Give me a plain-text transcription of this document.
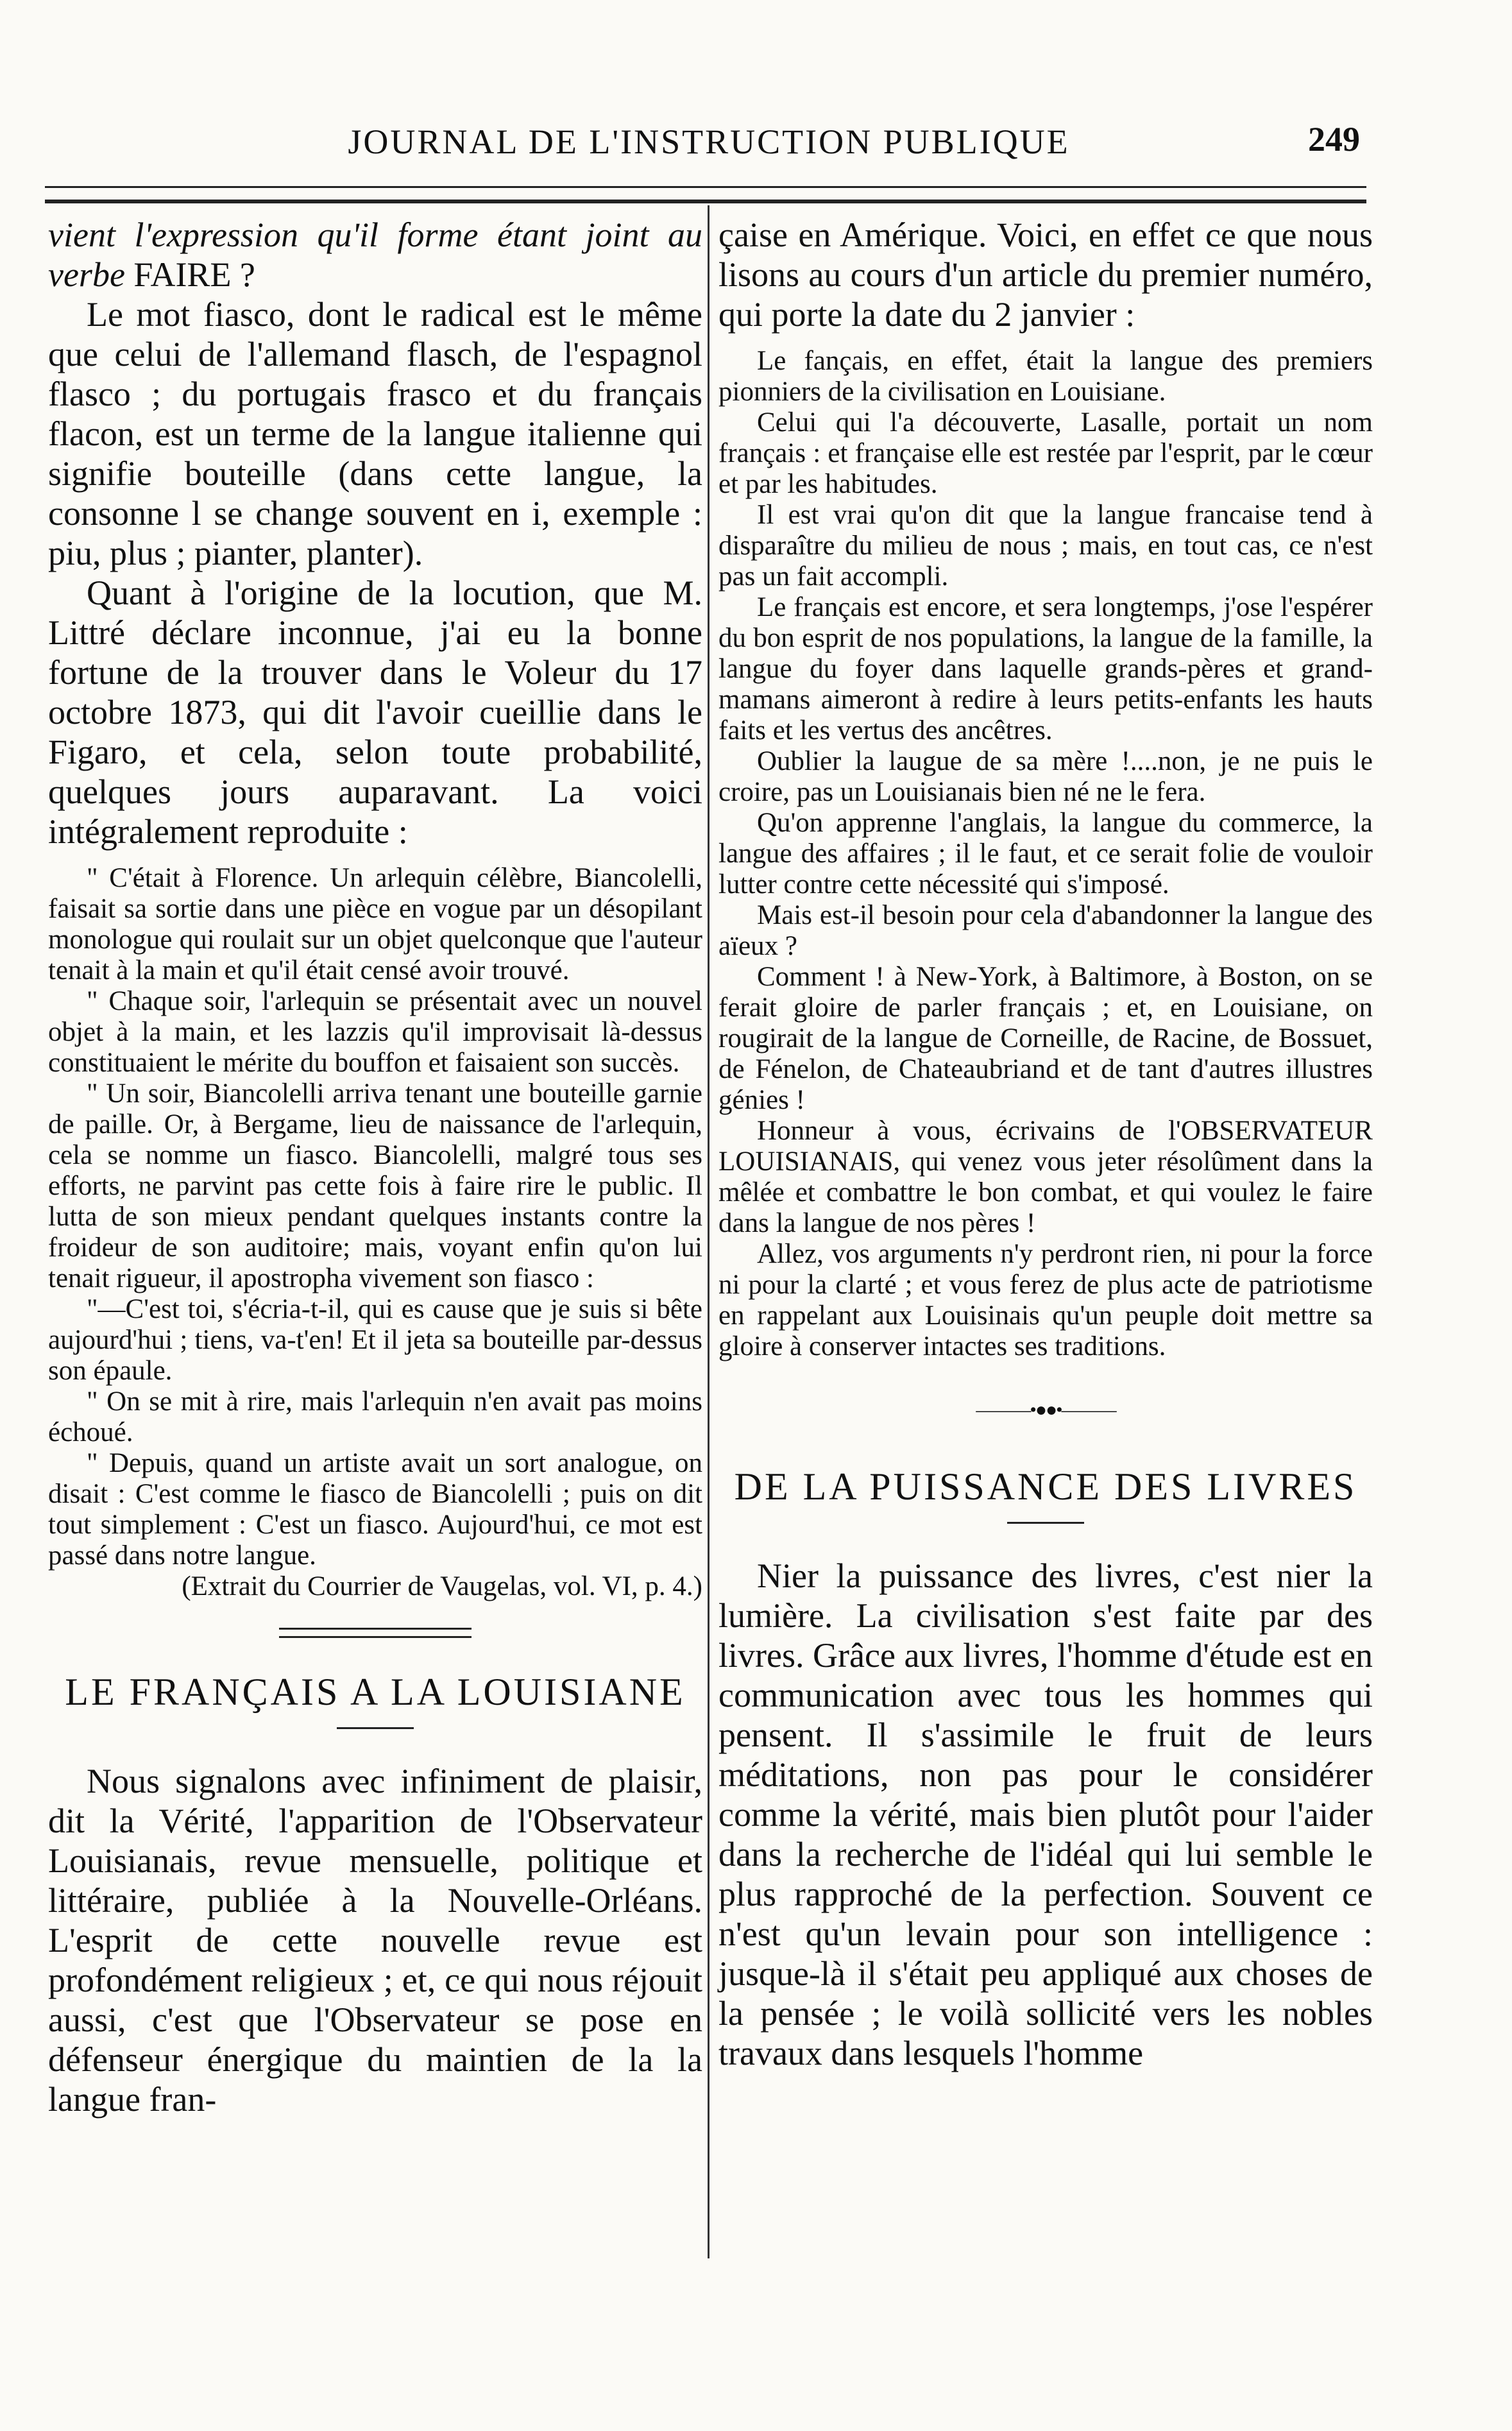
JOURNAL DE L'INSTRUCTION PUBLIQUE	249

vient l'expression qu'il forme étant joint au verbe FAIRE ?

Le mot fiasco, dont le radical est le même que celui de l'allemand flasch, de l'espagnol flasco ; du portugais frasco et du français flacon, est un terme de la langue italienne qui signifie bouteille (dans cette langue, la consonne l se change souvent en i, exemple : piu, plus ; pianter, planter).

Quant à l'origine de la locution, que M. Littré déclare inconnue, j'ai eu la bonne fortune de la trouver dans le Voleur du 17 octobre 1873, qui dit l'avoir cueillie dans le Figaro, et cela, selon toute probabilité, quelques jours auparavant. La voici intégralement reproduite :

" C'était à Florence. Un arlequin célèbre, Biancolelli, faisait sa sortie dans une pièce en vogue par un désopilant monologue qui roulait sur un objet quelconque que l'auteur tenait à la main et qu'il était censé avoir trouvé.

" Chaque soir, l'arlequin se présentait avec un nouvel objet à la main, et les lazzis qu'il improvisait là-dessus constituaient le mérite du bouffon et faisaient son succès.

" Un soir, Biancolelli arriva tenant une bouteille garnie de paille. Or, à Bergame, lieu de naissance de l'arlequin, cela se nomme un fiasco. Biancolelli, malgré tous ses efforts, ne parvint pas cette fois à faire rire le public. Il lutta de son mieux pendant quelques instants contre la froideur de son auditoire; mais, voyant enfin qu'on lui tenait rigueur, il apostropha vivement son fiasco :

"—C'est toi, s'écria-t-il, qui es cause que je suis si bête aujourd'hui ; tiens, va-t'en! Et il jeta sa bouteille par-dessus son épaule.

" On se mit à rire, mais l'arlequin n'en avait pas moins échoué.

" Depuis, quand un artiste avait un sort analogue, on disait : C'est comme le fiasco de Biancolelli ; puis on dit tout simplement : C'est un fiasco. Aujourd'hui, ce mot est passé dans notre langue.

(Extrait du Courrier de Vaugelas, vol. VI, p. 4.)

LE FRANÇAIS A LA LOUISIANE

Nous signalons avec infiniment de plaisir, dit la Vérité, l'apparition de l'Observateur Louisianais, revue mensuelle, politique et littéraire, publiée à la Nouvelle-Orléans. L'esprit de cette nouvelle revue est profondément religieux ; et, ce qui nous réjouit aussi, c'est que l'Observateur se pose en défenseur énergique du maintien de la la langue fran-

çaise en Amérique. Voici, en effet ce que nous lisons au cours d'un article du premier numéro, qui porte la date du 2 janvier :

Le fançais, en effet, était la langue des premiers pionniers de la civilisation en Louisiane.

Celui qui l'a découverte, Lasalle, portait un nom français : et française elle est restée par l'esprit, par le cœur et par les habitudes.

Il est vrai qu'on dit que la langue francaise tend à disparaître du milieu de nous ; mais, en tout cas, ce n'est pas un fait accompli.

Le français est encore, et sera longtemps, j'ose l'espérer du bon esprit de nos populations, la langue de la famille, la langue du foyer dans laquelle grands-pères et grand-mamans aimeront à redire à leurs petits-enfants les hauts faits et les vertus des ancêtres.

Oublier la laugue de sa mère !....non, je ne puis le croire, pas un Louisianais bien né ne le fera.

Qu'on apprenne l'anglais, la langue du commerce, la langue des affaires ; il le faut, et ce serait folie de vouloir lutter contre cette nécessité qui s'imposé.

Mais est-il besoin pour cela d'abandonner la langue des aïeux ?

Comment ! à New-York, à Baltimore, à Boston, on se ferait gloire de parler français ; et, en Louisiane, on rougirait de la langue de Corneille, de Racine, de Bossuet, de Fénelon, de Chateaubriand et de tant d'autres illustres génies !

Honneur à vous, écrivains de l'OBSERVATEUR LOUISIANAIS, qui venez vous jeter résolûment dans la mêlée et combattre le bon combat, et qui voulez le faire dans la langue de nos pères !

Allez, vos arguments n'y perdront rien, ni pour la force ni pour la clarté ; et vous ferez de plus acte de patriotisme en rappelant aux Louisinais qu'un peuple doit mettre sa gloire à conserver intactes ses traditions.

———•●●•———
DE LA PUISSANCE DES LIVRES

Nier la puissance des livres, c'est nier la lumière. La civilisation s'est faite par des livres. Grâce aux livres, l'homme d'étude est en communication avec tous les hommes qui pensent. Il s'assimile le fruit de leurs méditations, non pas pour le considérer comme la vérité, mais bien plutôt pour l'aider dans la recherche de l'idéal qui lui semble le plus rapproché de la perfection. Souvent ce n'est qu'un levain pour son intelligence : jusque-là il s'était peu appliqué aux choses de la pensée ; le voilà sollicité vers les nobles travaux dans lesquels l'homme
